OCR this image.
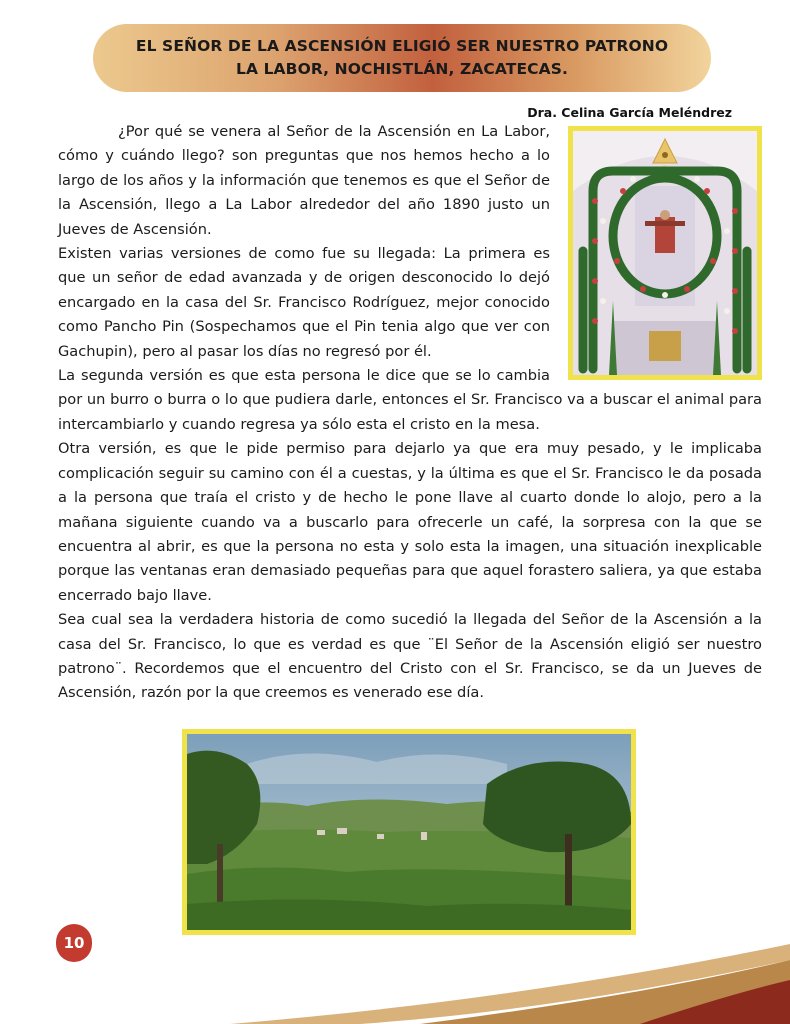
EL SEÑOR DE LA ASCENSIÓN ELIGIÓ SER NUESTRO PATRONO
LA LABOR, NOCHISTLÁN, ZACATECAS.
Dra. Celina García Meléndrez

¿Por qué se venera al Señor de la Ascensión en La Labor, cómo y cuándo llego? son preguntas que nos hemos hecho a lo largo de los años y la información que tenemos es que el Señor de la Ascensión, llego a La Labor alrededor del año 1890 justo un Jueves de Ascensión.

Existen varias versiones de como fue su llegada: La primera es que un señor de edad avanzada y de origen desconocido lo dejó encargado en la casa del Sr. Francisco Rodríguez, mejor conocido como Pancho Pin (Sospechamos que el Pin tenia algo que ver con Gachupin), pero al pasar los días no regresó por él.

La segunda versión es que esta persona le dice que se lo cambia por un burro o burra o lo que pudiera darle, entonces el Sr. Francisco va a buscar el animal para intercambiarlo y cuando regresa ya sólo esta el cristo en la mesa.

Otra versión, es que le pide permiso para dejarlo ya que era muy pesado, y le implicaba complicación seguir su camino con él a cuestas, y la última es que el Sr. Francisco le da posada a la persona que traía el cristo y de hecho le pone llave al cuarto donde lo alojo, pero a la mañana siguiente cuando va a buscarlo para ofrecerle un café, la sorpresa con la que se encuentra al abrir, es que la persona no esta y solo esta la imagen, una situación inexplicable porque las ventanas eran demasiado pequeñas para que aquel forastero saliera, ya que estaba encerrado bajo llave.

Sea cual sea la verdadera historia de como sucedió la llegada del Señor de la Ascensión a la casa del Sr. Francisco, lo que es verdad es que ¨El Señor de la Ascensión eligió ser nuestro patrono¨. Recordemos que el encuentro del Cristo con el Sr. Francisco, se da un Jueves de Ascensión, razón por la que creemos es venerado ese día.

10
